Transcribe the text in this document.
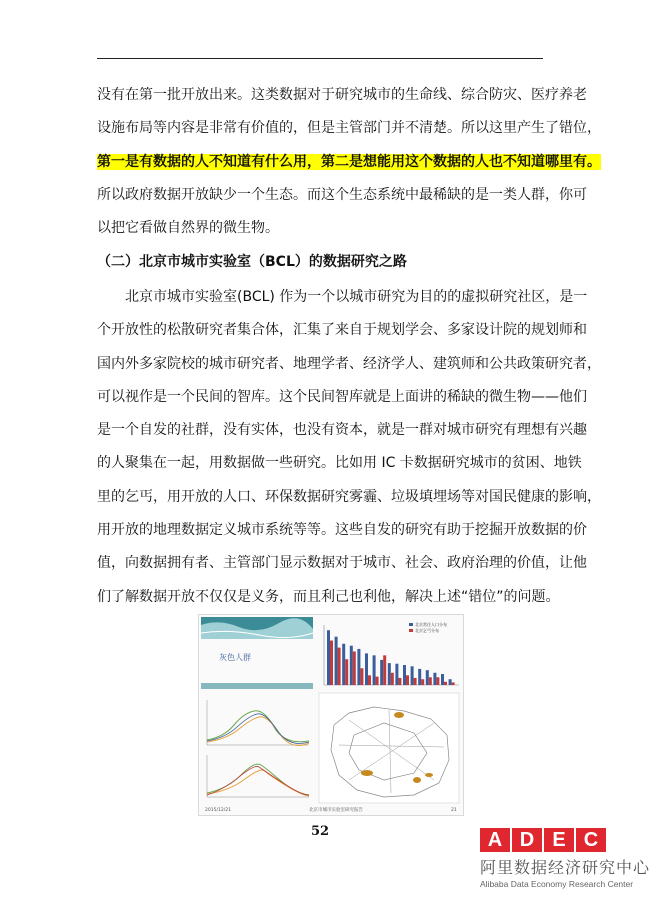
没有在第一批开放出来。这类数据对于研究城市的生命线、综合防灾、医疗养老
设施布局等内容是非常有价值的，但是主管部门并不清楚。所以这里产生了错位，
第一是有数据的人不知道有什么用，第二是想能用这个数据的人也不知道哪里有。
所以政府数据开放缺少一个生态。而这个生态系统中最稀缺的是一类人群，你可
以把它看做自然界的微生物。
（二）北京市城市实验室（BCL）的数据研究之路
北京市城市实验室(BCL) 作为一个以城市研究为目的的虚拟研究社区，是一
个开放性的松散研究者集合体，汇集了来自于规划学会、多家设计院的规划师和
国内外多家院校的城市研究者、地理学者、经济学人、建筑师和公共政策研究者，
可以视作是一个民间的智库。这个民间智库就是上面讲的稀缺的微生物——他们
是一个自发的社群，没有实体，也没有资本，就是一群对城市研究有理想有兴趣
的人聚集在一起，用数据做一些研究。比如用 IC 卡数据研究城市的贫困、地铁
里的乞丐，用开放的人口、环保数据研究雾霾、垃圾填埋场等对国民健康的影响，
用开放的地理数据定义城市系统等等。这些自发的研究有助于挖掘开放数据的价
值，向数据拥有者、主管部门显示数据对于城市、社会、政府治理的价值，让他
们了解数据开放不仅仅是义务，而且利己也利他，解决上述“错位”的问题。
灰色人群
北京常住人口分布
北京乞丐分布
2015/12/21	北京市城市实验室研究报告	21
52	A D E C
阿里数据经济研究中心
Alibaba Data Economy Research Center
